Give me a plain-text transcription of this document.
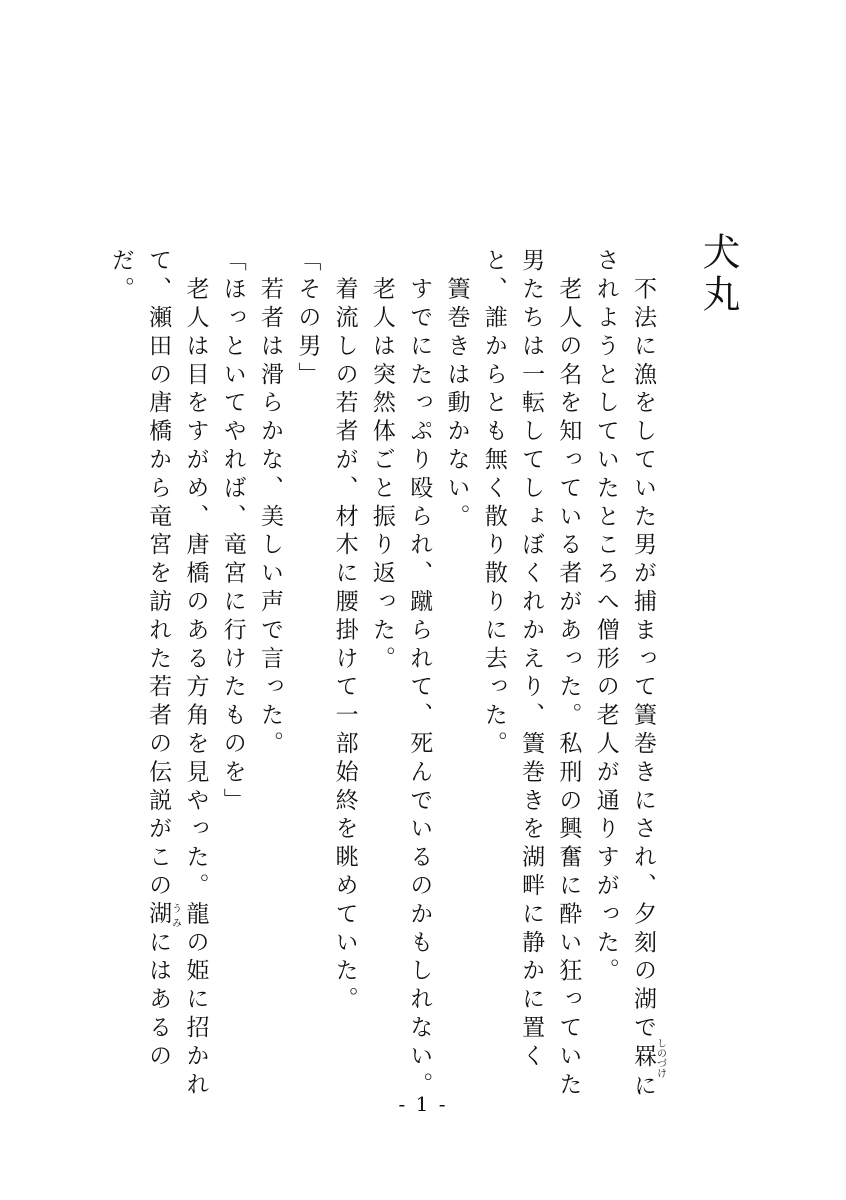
犬丸

　不法に漁をしていた男が捕まって簀巻きにされ、夕刻の湖で罧しのづけにされようとしていたところへ僧形の老人が通りすがった。

　老人の名を知っている者があった。私刑の興奮に酔い狂っていた男たちは一転してしょぼくれかえり、簀巻きを湖畔に静かに置くと、誰からとも無く散り散りに去った。

　簀巻きは動かない。

　すでにたっぷり殴られ、蹴られて、死んでいるのかもしれない。

　老人は突然体ごと振り返った。

　着流しの若者が、材木に腰掛けて一部始終を眺めていた。

「その男」

　若者は滑らかな、美しい声で言った。

「ほっといてやれば、竜宮に行けたものを」

　老人は目をすがめ、唐橋のある方角を見やった。龍の姫に招かれて、瀬田の唐橋から竜宮を訪れた若者の伝説がこの湖うみにはあるのだ。

- 1 -
